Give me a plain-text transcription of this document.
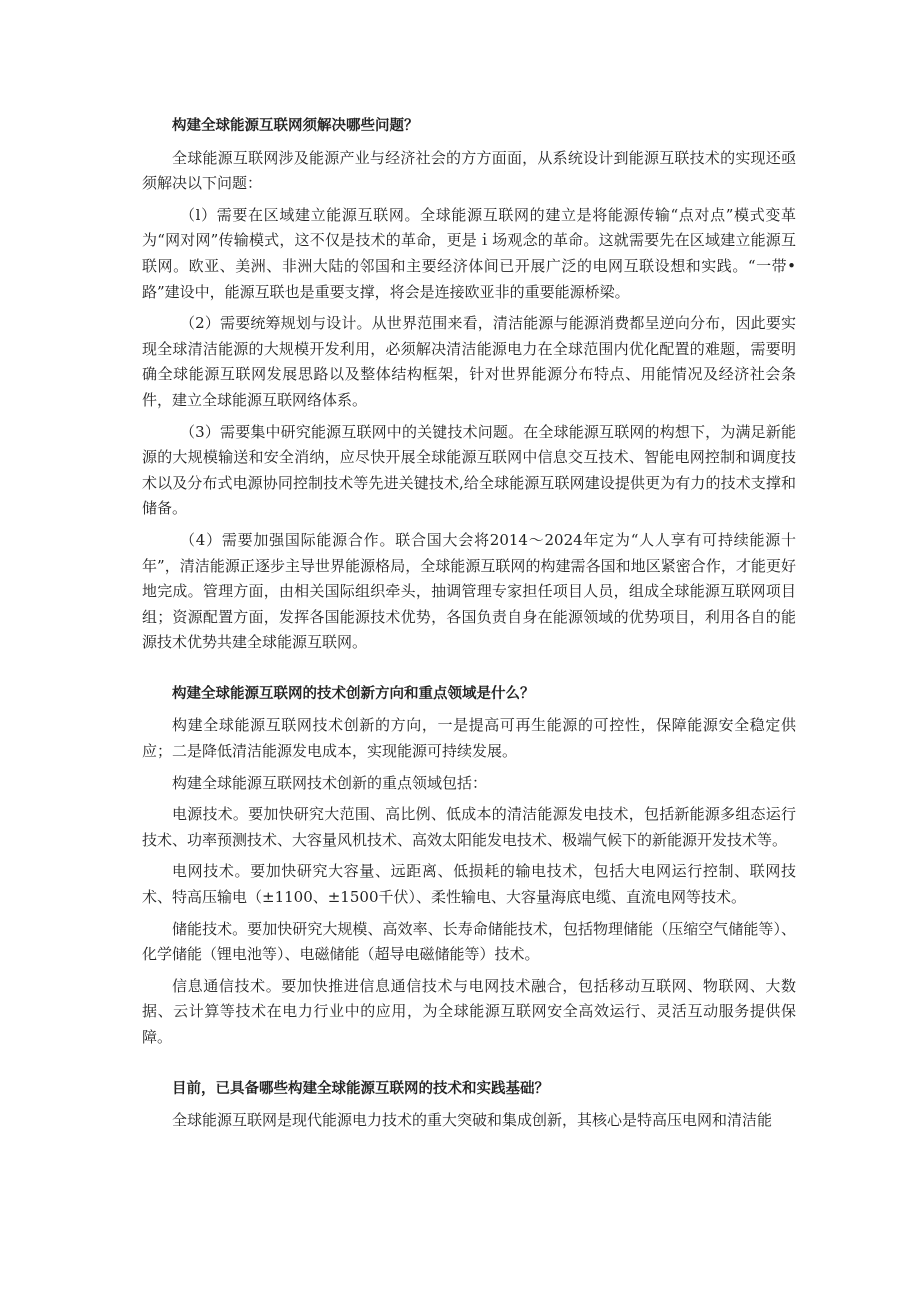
构建全球能源互联网须解决哪些问题？

全球能源互联网涉及能源产业与经济社会的方方面面，从系统设计到能源互联技术的实现还亟须解决以下问题：

（l）需要在区域建立能源互联网。全球能源互联网的建立是将能源传输“点对点”模式变革为“网对网”传输模式，这不仅是技术的革命，更是ｉ场观念的革命。这就需要先在区域建立能源互联网。欧亚、美洲、非洲大陆的邻国和主要经济体间已开展广泛的电网互联设想和实践。“一带•路”建设中，能源互联也是重要支撑，将会是连接欧亚非的重要能源桥梁。

（2）需要统筹规划与设计。从世界范围来看，清洁能源与能源消费都呈逆向分布，因此要实现全球清洁能源的大规模开发利用，必须解决清洁能源电力在全球范围内优化配置的难题，需要明确全球能源互联网发展思路以及整体结构框架，针对世界能源分布特点、用能情况及经济社会条件，建立全球能源互联网络体系。

（3）需要集中研究能源互联网中的关键技术问题。在全球能源互联网的构想下，为满足新能源的大规模输送和安全消纳，应尽快开展全球能源互联网中信息交互技术、智能电网控制和调度技术以及分布式电源协同控制技术等先进关键技术,给全球能源互联网建设提供更为有力的技术支撑和储备。

（4）需要加强国际能源合作。联合国大会将2014～2024年定为“人人享有可持续能源十年”，清洁能源正逐步主导世界能源格局，全球能源互联网的构建需各国和地区紧密合作，才能更好地完成。管理方面，由相关国际组织牵头，抽调管理专家担任项目人员，组成全球能源互联网项目组；资源配置方面，发挥各国能源技术优势，各国负责自身在能源领域的优势项目，利用各自的能源技术优势共建全球能源互联网。

构建全球能源互联网的技术创新方向和重点领域是什么？

构建全球能源互联网技术创新的方向，一是提高可再生能源的可控性，保障能源安全稳定供应；二是降低清洁能源发电成本，实现能源可持续发展。

构建全球能源互联网技术创新的重点领域包括：

电源技术。要加快研究大范围、高比例、低成本的清洁能源发电技术，包括新能源多组态运行技术、功率预测技术、大容量风机技术、高效太阳能发电技术、极端气候下的新能源开发技术等。

电网技术。要加快研究大容量、远距离、低损耗的输电技术，包括大电网运行控制、联网技术、特高压输电（±1100、±1500千伏）、柔性输电、大容量海底电缆、直流电网等技术。

储能技术。要加快研究大规模、高效率、长寿命储能技术，包括物理储能（压缩空气储能等）、化学储能（锂电池等）、电磁储能（超导电磁储能等）技术。

信息通信技术。要加快推进信息通信技术与电网技术融合，包括移动互联网、物联网、大数据、云计算等技术在电力行业中的应用，为全球能源互联网安全高效运行、灵活互动服务提供保障。

目前，已具备哪些构建全球能源互联网的技术和实践基础？

全球能源互联网是现代能源电力技术的重大突破和集成创新，其核心是特高压电网和清洁能
